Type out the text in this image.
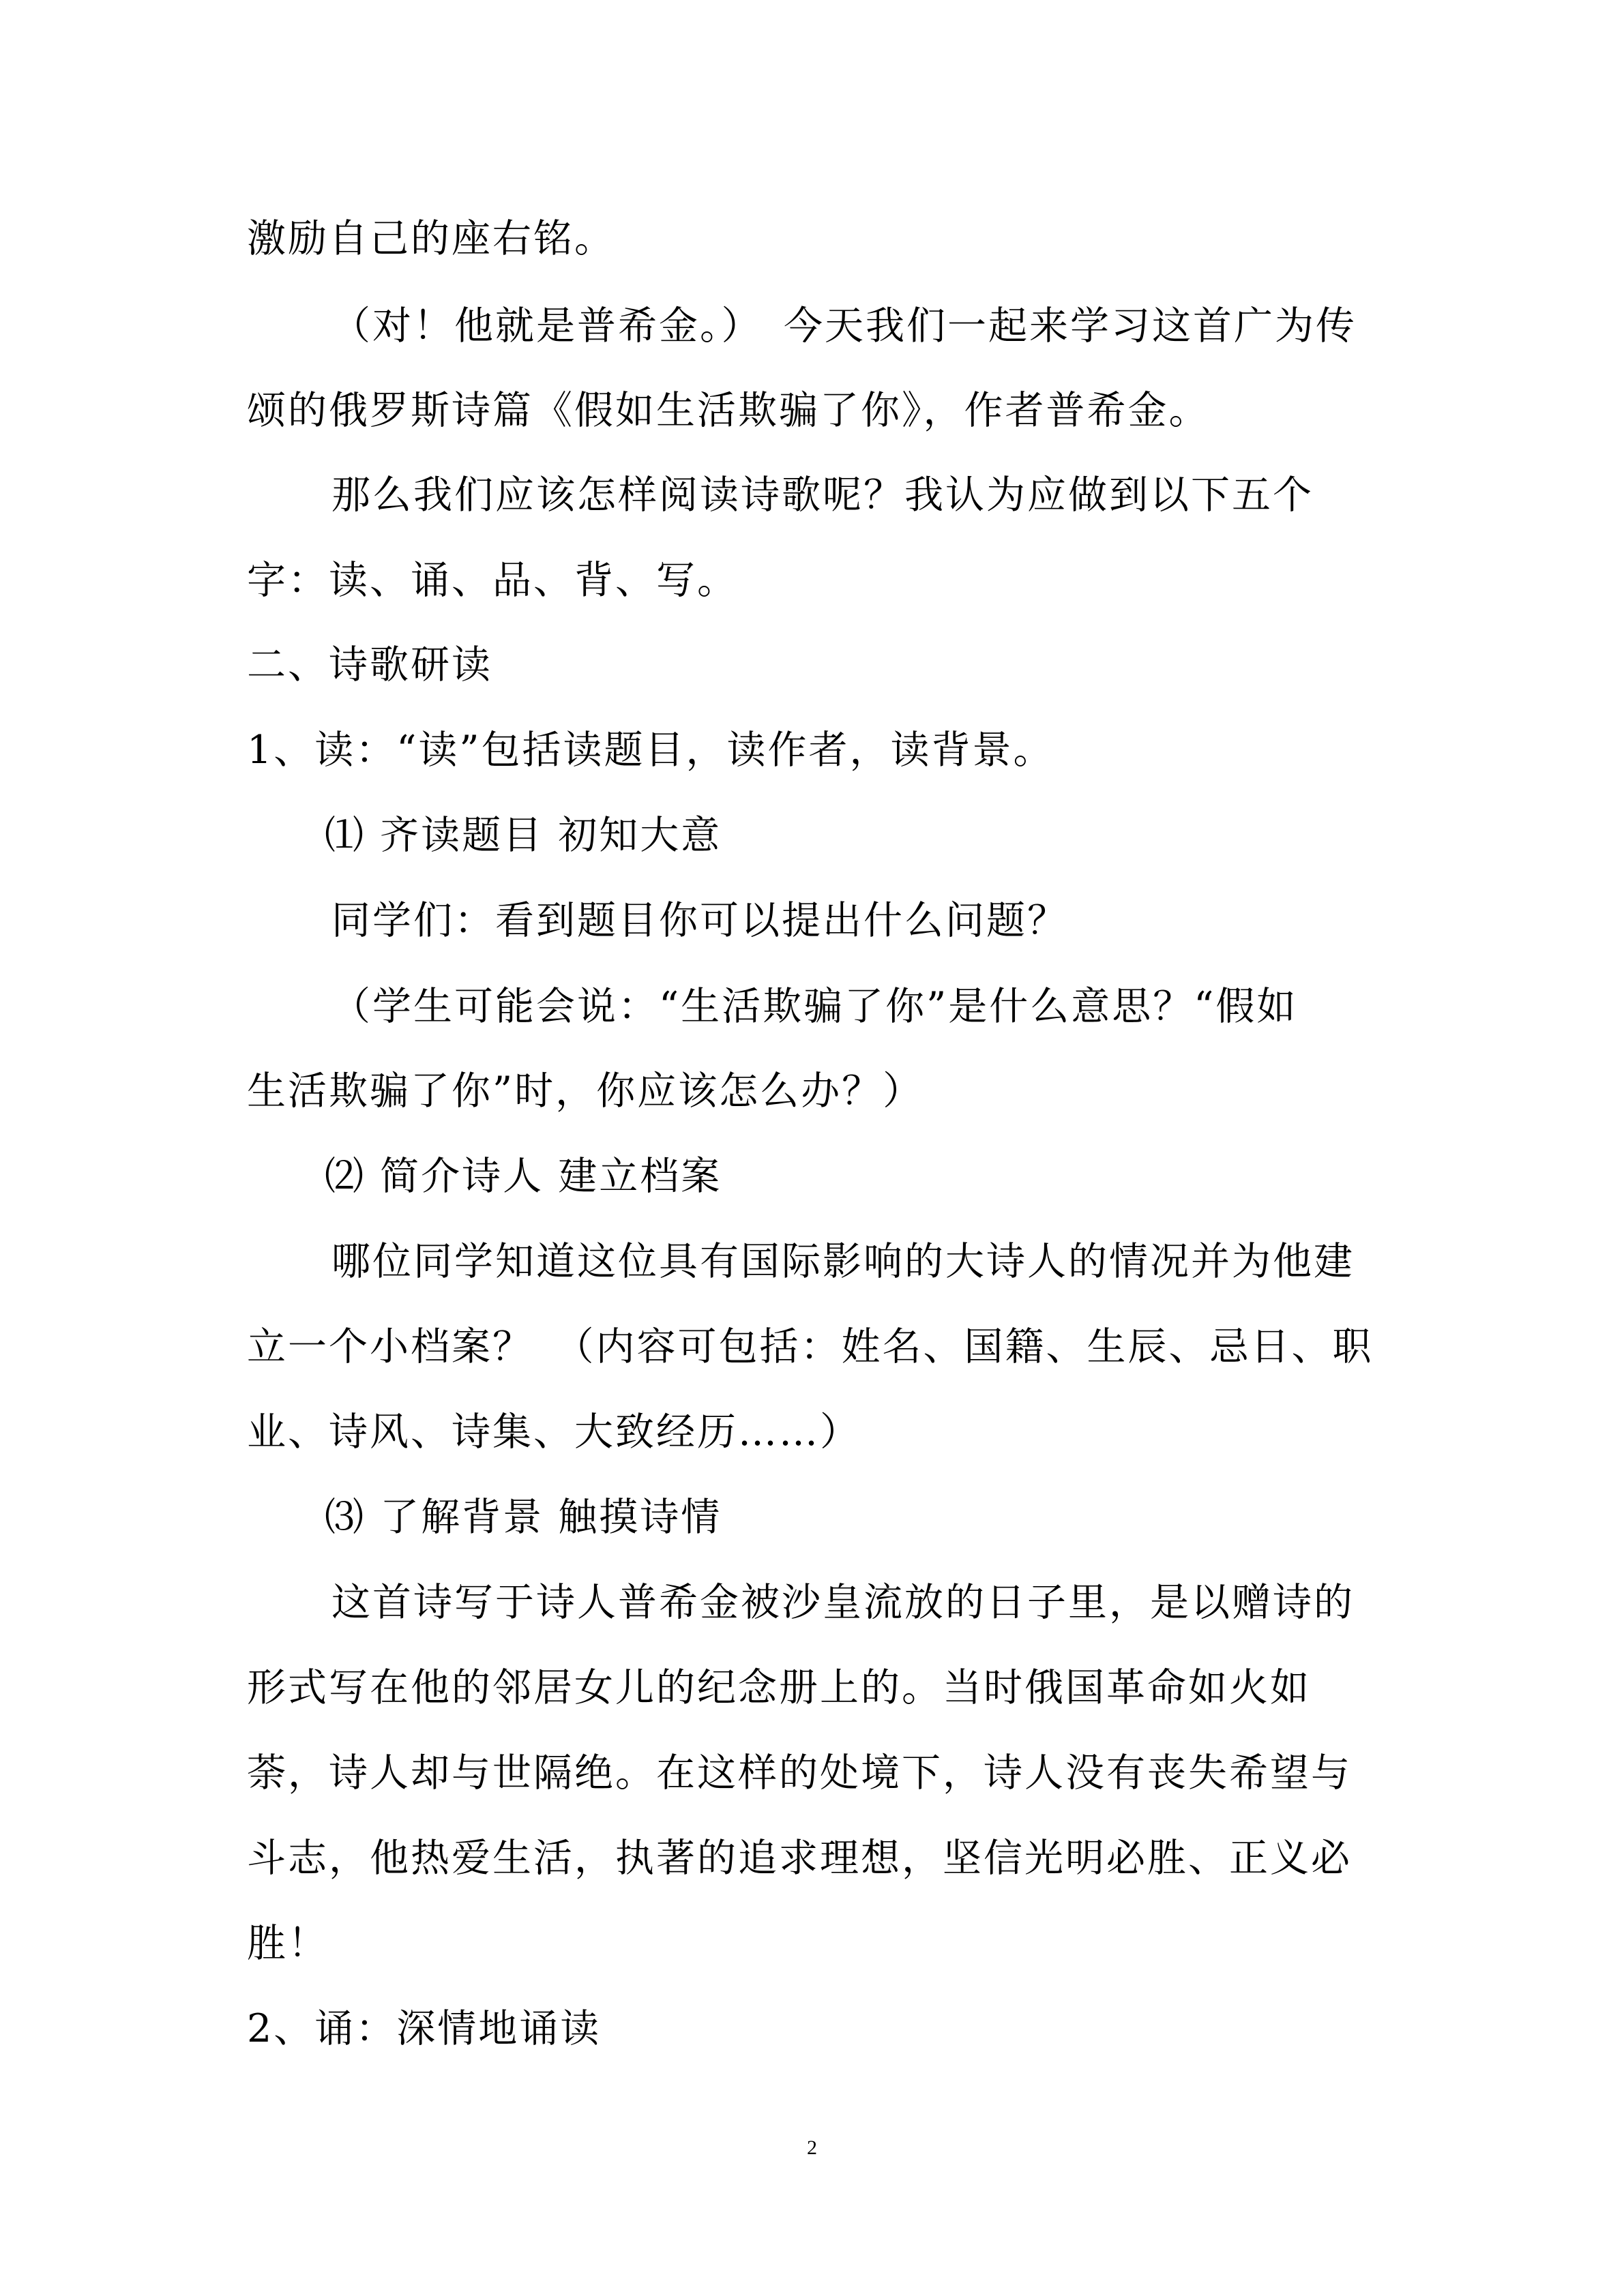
激励自己的座右铭。
（对！他就是普希金。）　今天我们一起来学习这首广为传
颂的俄罗斯诗篇《假如生活欺骗了你》，作者普希金。
那么我们应该怎样阅读诗歌呢？我认为应做到以下五个
字：读、诵、品、背、写。
二、诗歌研读
1、读：“读”包括读题目，读作者，读背景。
⑴ 齐读题目 初知大意
同学们：看到题目你可以提出什么问题？
（学生可能会说：“生活欺骗了你”是什么意思？“假如
生活欺骗了你”时，你应该怎么办？）
⑵ 简介诗人 建立档案
哪位同学知道这位具有国际影响的大诗人的情况并为他建
立一个小档案？　（内容可包括：姓名、国籍、生辰、忌日、职
业、诗风、诗集、大致经历……）
⑶ 了解背景 触摸诗情
这首诗写于诗人普希金被沙皇流放的日子里，是以赠诗的
形式写在他的邻居女儿的纪念册上的。当时俄国革命如火如
荼，诗人却与世隔绝。在这样的处境下，诗人没有丧失希望与
斗志，他热爱生活，执著的追求理想，坚信光明必胜、正义必
胜！
2、诵：深情地诵读
2
